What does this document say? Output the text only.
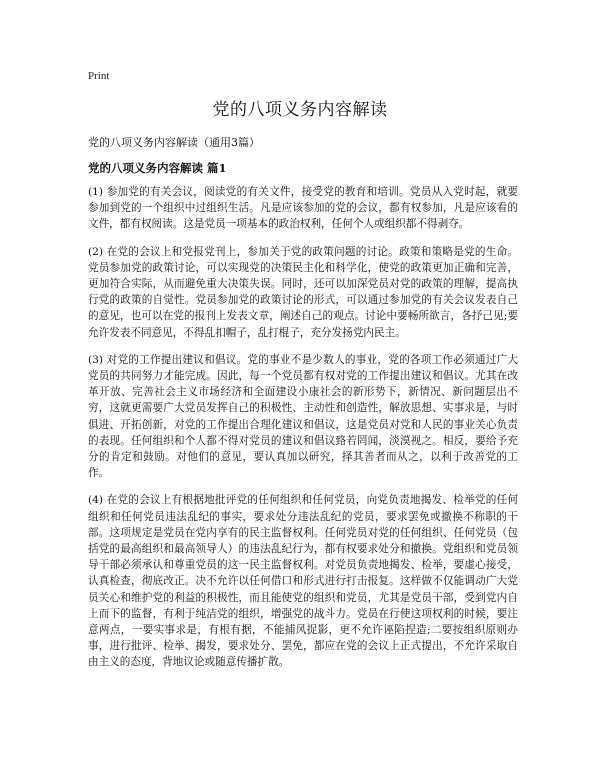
Print
党的八项义务内容解读
党的八项义务内容解读（通用3篇）
党的八项义务内容解读 篇1

(1) 参加党的有关会议，阅读党的有关文件，接受党的教育和培训。党员从入党时起，就要参加到党的一个组织中过组织生活。凡是应该参加的党的会议，都有权参加，凡是应该看的文件，都有权阅读。这是党员一项基本的政治权利，任何个人或组织都不得剥夺。

(2) 在党的会议上和党报党刊上，参加关于党的政策问题的讨论。政策和策略是党的生命。党员参加党的政策讨论，可以实现党的决策民主化和科学化，使党的政策更加正确和完善，更加符合实际，从而避免重大决策失误。同时，还可以加深党员对党的政策的理解，提高执行党的政策的自觉性。党员参加党的政策讨论的形式，可以通过参加党的有关会议发表自己的意见，也可以在党的报刊上发表文章，阐述自己的观点。讨论中要畅所欲言，各抒己见;要允许发表不同意见，不得乱扣帽子，乱打棍子，充分发扬党内民主。

(3) 对党的工作提出建议和倡议。党的事业不是少数人的事业，党的各项工作必须通过广大党员的共同努力才能完成。因此，每一个党员都有权对党的工作提出建议和倡议。尤其在改革开放、完善社会主义市场经济和全面建设小康社会的新形势下，新情况、新问题层出不穷，这就更需要广大党员发挥自己的积极性、主动性和创造性，解放思想、实事求是，与时俱进、开拓创新，对党的工作提出合理化建议和倡议，这是党员对党和人民的事业关心负责的表现。任何组织和个人都不得对党员的建议和倡议臵若罔闻，淡漠视之。相反，要给予充分的肯定和鼓励。对他们的意见，要认真加以研究，择其善者而从之，以利于改善党的工作。

(4) 在党的会议上有根据地批评党的任何组织和任何党员，向党负责地揭发、检举党的任何组织和任何党员违法乱纪的事实，要求处分违法乱纪的党员，要求罢免或撤换不称职的干部。这项规定是党员在党内享有的民主监督权利。任何党员对党的任何组织、任何党员（包括党的最高组织和最高领导人）的违法乱纪行为，都有权要求处分和撤换。党组织和党员领导干部必须承认和尊重党员的这一民主监督权利。对党员负责地揭发、检举，要虚心接受，认真检查，彻底改正。决不允许以任何借口和形式进行打击报复。这样做不仅能调动广大党员关心和维护党的利益的积极性，而且能使党的组织和党员，尤其是党员干部，受到党内自上而下的监督，有利于纯洁党的组织，增强党的战斗力。党员在行使这项权利的时候，要注意两点，一要实事求是，有根有据，不能捕风捉影，更不允许诬陷捏造;二要按组织原则办事，进行批评、检举、揭发，要求处分、罢免，都应在党的会议上正式提出，不允许采取自由主义的态度，背地议论或随意传播扩散。
